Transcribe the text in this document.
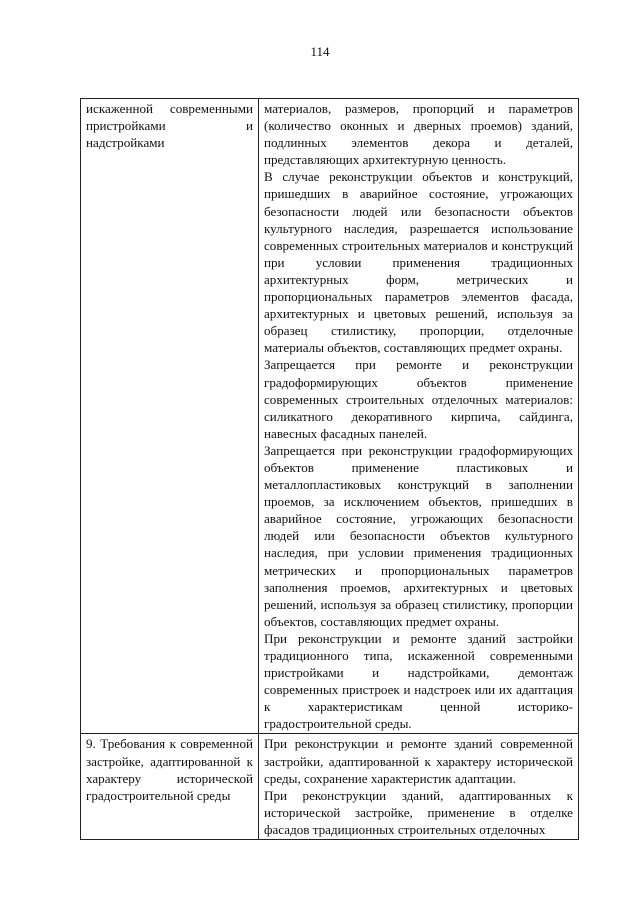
114

искаженной современными пристройками и надстройками	материалов, размеров, пропорций и параметров (количество оконных и дверных проемов) зданий, подлинных элементов декора и деталей, представляющих архитектурную ценность.

В случае реконструкции объектов и конструкций, пришедших в аварийное состояние, угрожающих безопасности людей или безопасности объектов культурного наследия, разрешается использование современных строительных материалов и конструкций при условии применения традиционных архитектурных форм, метрических и пропорциональных параметров элементов фасада, архитектурных и цветовых решений, используя за образец стилистику, пропорции, отделочные материалы объектов, составляющих предмет охраны.

Запрещается при ремонте и реконструкции градоформирующих объектов применение современных строительных отделочных материалов: силикатного декоративного кирпича, сайдинга, навесных фасадных панелей.

Запрещается при реконструкции градоформирующих объектов применение пластиковых и металлопластиковых конструкций в заполнении проемов, за исключением объектов, пришедших в аварийное состояние, угрожающих безопасности людей или безопасности объектов культурного наследия, при условии применения традиционных метрических и пропорциональных параметров заполнения проемов, архитектурных и цветовых решений, используя за образец стилистику, пропорции объектов, составляющих предмет охраны.

При реконструкции и ремонте зданий застройки традиционного типа, искаженной современными пристройками и надстройками, демонтаж современных пристроек и надстроек или их адаптация к характеристикам ценной историко-градостроительной среды.

9. Требования к современной застройке, адаптированной к характеру исторической градостроительной среды	При реконструкции и ремонте зданий современной застройки, адаптированной к характеру исторической среды, сохранение характеристик адаптации.

При реконструкции зданий, адаптированных к исторической застройке, применение в отделке фасадов традиционных строительных отделочных
